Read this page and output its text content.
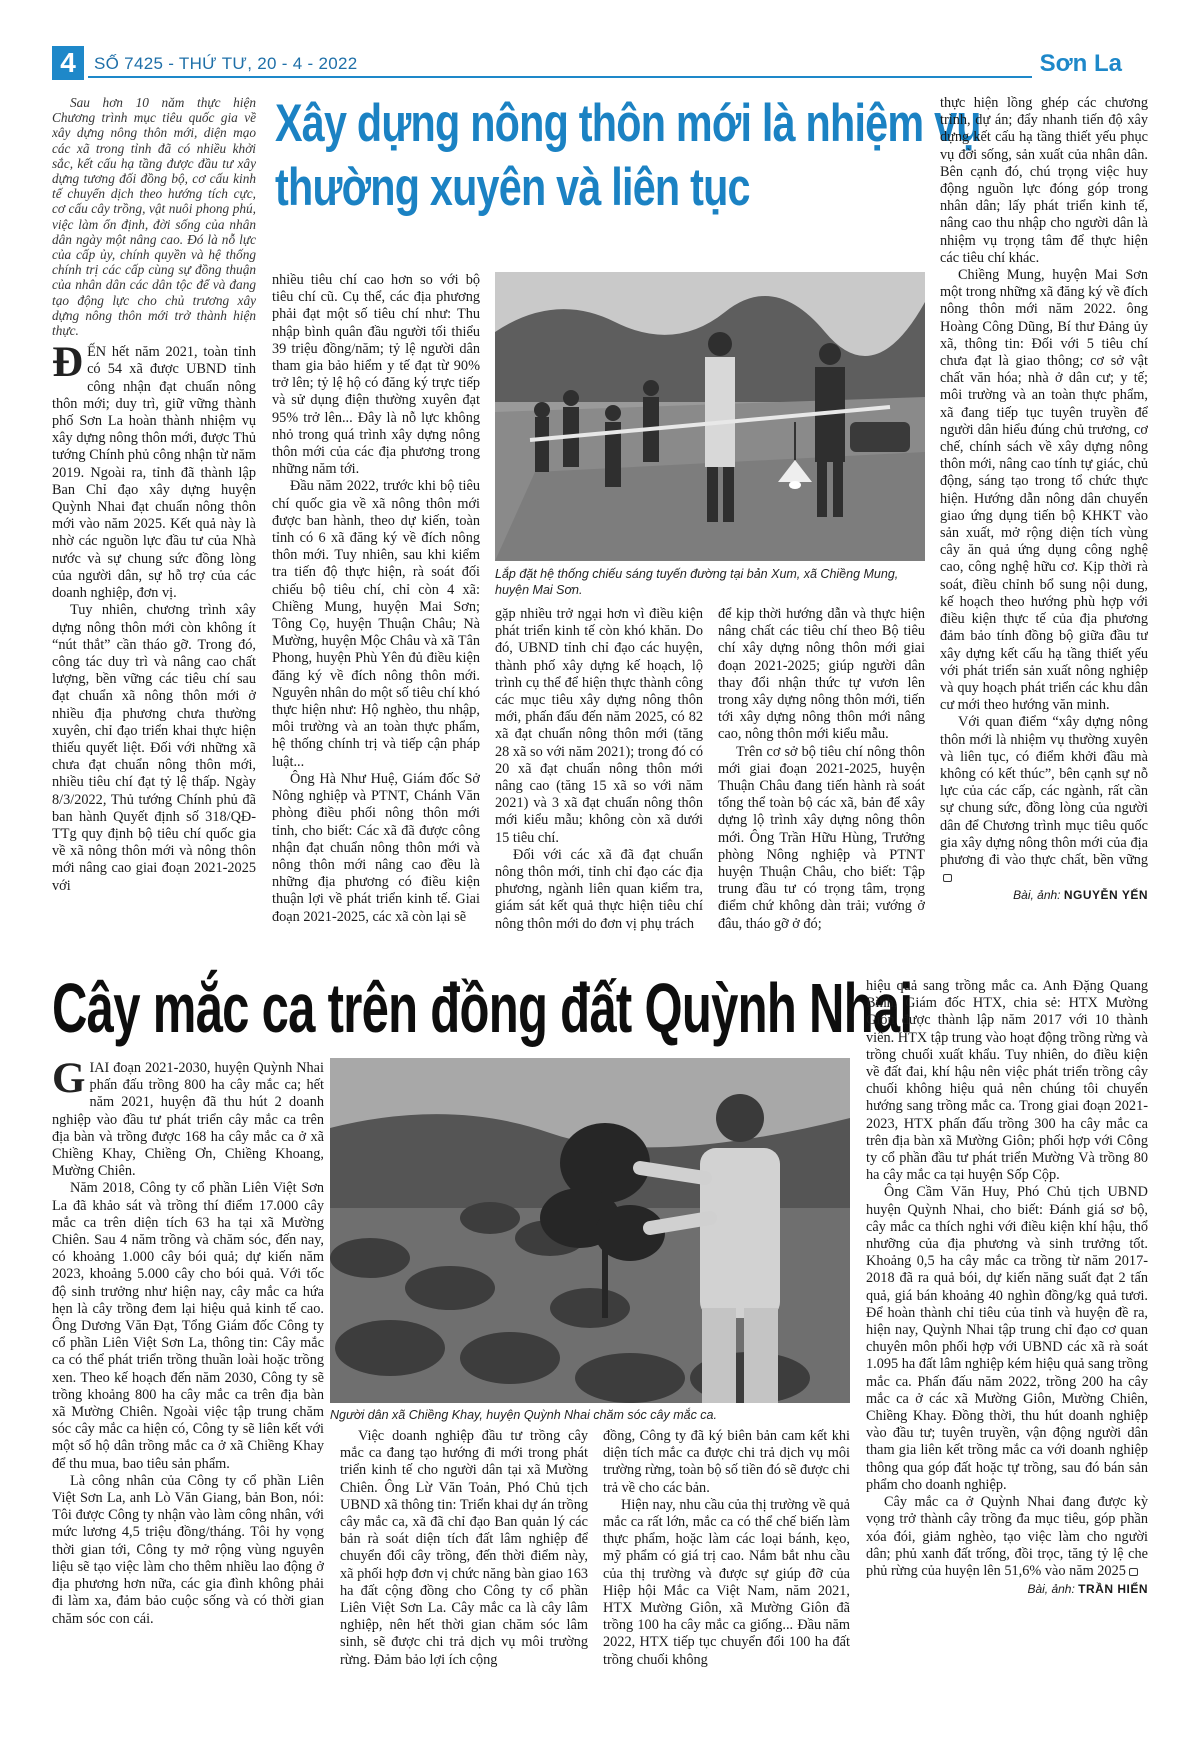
4	SỐ 7425 - THỨ TƯ, 20 - 4 - 2022	Sơn La
Xây dựng nông thôn mới là nhiệm vụ
thường xuyên và liên tục

Sau hơn 10 năm thực hiện Chương trình mục tiêu quốc gia về xây dựng nông thôn mới, diện mạo các xã trong tỉnh đã có nhiều khởi sắc, kết cấu hạ tầng được đầu tư xây dựng tương đối đồng bộ, cơ cấu kinh tế chuyển dịch theo hướng tích cực, cơ cấu cây trồng, vật nuôi phong phú, việc làm ổn định, đời sống của nhân dân ngày một nâng cao. Đó là nỗ lực của cấp ủy, chính quyền và hệ thống chính trị các cấp cùng sự đồng thuận của nhân dân các dân tộc để và đang tạo động lực cho chủ trương xây dựng nông thôn mới trở thành hiện thực.

ĐẾN hết năm 2021, toàn tỉnh có 54 xã được UBND tỉnh công nhận đạt chuẩn nông thôn mới; duy trì, giữ vững thành phố Sơn La hoàn thành nhiệm vụ xây dựng nông thôn mới, được Thủ tướng Chính phủ công nhận từ năm 2019. Ngoài ra, tỉnh đã thành lập Ban Chỉ đạo xây dựng huyện Quỳnh Nhai đạt chuẩn nông thôn mới vào năm 2025. Kết quả này là nhờ các nguồn lực đầu tư của Nhà nước và sự chung sức đồng lòng của người dân, sự hỗ trợ của các doanh nghiệp, đơn vị.

Tuy nhiên, chương trình xây dựng nông thôn mới còn không ít “nút thắt” cần tháo gỡ. Trong đó, công tác duy trì và nâng cao chất lượng, bền vững các tiêu chí sau đạt chuẩn xã nông thôn mới ở nhiều địa phương chưa thường xuyên, chỉ đạo triển khai thực hiện thiếu quyết liệt. Đối với những xã chưa đạt chuẩn nông thôn mới, nhiều tiêu chí đạt tỷ lệ thấp. Ngày 8/3/2022, Thủ tướng Chính phủ đã ban hành Quyết định số 318/QĐ-TTg quy định bộ tiêu chí quốc gia về xã nông thôn mới và nông thôn mới nâng cao giai đoạn 2021-2025 với

nhiều tiêu chí cao hơn so với bộ tiêu chí cũ. Cụ thể, các địa phương phải đạt một số tiêu chí như: Thu nhập bình quân đầu người tối thiểu 39 triệu đồng/năm; tỷ lệ người dân tham gia bảo hiểm y tế đạt từ 90% trở lên; tỷ lệ hộ có đăng ký trực tiếp và sử dụng điện thường xuyên đạt 95% trở lên... Đây là nỗ lực không nhỏ trong quá trình xây dựng nông thôn mới của các địa phương trong những năm tới.

Đầu năm 2022, trước khi bộ tiêu chí quốc gia về xã nông thôn mới được ban hành, theo dự kiến, toàn tỉnh có 6 xã đăng ký về đích nông thôn mới. Tuy nhiên, sau khi kiểm tra tiến độ thực hiện, rà soát đối chiếu bộ tiêu chí, chỉ còn 4 xã: Chiềng Mung, huyện Mai Sơn; Tông Cọ, huyện Thuận Châu; Nà Mường, huyện Mộc Châu và xã Tân Phong, huyện Phù Yên đủ điều kiện đăng ký về đích nông thôn mới. Nguyên nhân do một số tiêu chí khó thực hiện như: Hộ nghèo, thu nhập, môi trường và an toàn thực phẩm, hệ thống chính trị và tiếp cận pháp luật...

Ông Hà Như Huệ, Giám đốc Sở Nông nghiệp và PTNT, Chánh Văn phòng điều phối nông thôn mới tỉnh, cho biết: Các xã đã được công nhận đạt chuẩn nông thôn mới và nông thôn mới nâng cao đều là những địa phương có điều kiện thuận lợi về phát triển kinh tế. Giai đoạn 2021-2025, các xã còn lại sẽ

Lắp đặt hệ thống chiếu sáng tuyến đường tại bản Xum, xã Chiềng Mung, huyện Mai Sơn.

gặp nhiều trở ngại hơn vì điều kiện phát triển kinh tế còn khó khăn. Do đó, UBND tỉnh chỉ đạo các huyện, thành phố xây dựng kế hoạch, lộ trình cụ thể để hiện thực thành công các mục tiêu xây dựng nông thôn mới, phấn đấu đến năm 2025, có 82 xã đạt chuẩn nông thôn mới (tăng 28 xã so với năm 2021); trong đó có 20 xã đạt chuẩn nông thôn mới nâng cao (tăng 15 xã so với năm 2021) và 3 xã đạt chuẩn nông thôn mới kiểu mẫu; không còn xã dưới 15 tiêu chí.

Đối với các xã đã đạt chuẩn nông thôn mới, tỉnh chỉ đạo các địa phương, ngành liên quan kiểm tra, giám sát kết quả thực hiện tiêu chí nông thôn mới do đơn vị phụ trách

để kịp thời hướng dẫn và thực hiện nâng chất các tiêu chí theo Bộ tiêu chí xây dựng nông thôn mới giai đoạn 2021-2025; giúp người dân thay đổi nhận thức tự vươn lên trong xây dựng nông thôn mới, tiến tới xây dựng nông thôn mới nâng cao, nông thôn mới kiểu mẫu.

Trên cơ sở bộ tiêu chí nông thôn mới giai đoạn 2021-2025, huyện Thuận Châu đang tiến hành rà soát tổng thể toàn bộ các xã, bản để xây dựng lộ trình xây dựng nông thôn mới. Ông Trần Hữu Hùng, Trưởng phòng Nông nghiệp và PTNT huyện Thuận Châu, cho biết: Tập trung đầu tư có trọng tâm, trọng điểm chứ không dàn trải; vướng ở đâu, tháo gỡ ở đó;

thực hiện lồng ghép các chương trình, dự án; đẩy nhanh tiến độ xây dựng kết cấu hạ tầng thiết yếu phục vụ đời sống, sản xuất của nhân dân. Bên cạnh đó, chú trọng việc huy động nguồn lực đóng góp trong nhân dân; lấy phát triển kinh tế, nâng cao thu nhập cho người dân là nhiệm vụ trọng tâm để thực hiện các tiêu chí khác.

Chiềng Mung, huyện Mai Sơn một trong những xã đăng ký về đích nông thôn mới năm 2022. ông Hoàng Công Dũng, Bí thư Đảng ủy xã, thông tin: Đối với 5 tiêu chí chưa đạt là giao thông; cơ sở vật chất văn hóa; nhà ở dân cư; y tế; môi trường và an toàn thực phẩm, xã đang tiếp tục tuyên truyền để người dân hiểu đúng chủ trương, cơ chế, chính sách về xây dựng nông thôn mới, nâng cao tính tự giác, chủ động, sáng tạo trong tổ chức thực hiện. Hướng dẫn nông dân chuyển giao ứng dụng tiến bộ KHKT vào sản xuất, mở rộng diện tích vùng cây ăn quả ứng dụng công nghệ cao, công nghệ hữu cơ. Kịp thời rà soát, điều chỉnh bổ sung nội dung, kế hoạch theo hướng phù hợp với điều kiện thực tế của địa phương đảm bảo tính đồng bộ giữa đầu tư xây dựng kết cấu hạ tầng thiết yếu với phát triển sản xuất nông nghiệp và quy hoạch phát triển các khu dân cư mới theo hướng văn minh.

Với quan điểm “xây dựng nông thôn mới là nhiệm vụ thường xuyên và liên tục, có điểm khởi đầu mà không có kết thúc”, bên cạnh sự nỗ lực của các cấp, các ngành, rất cần sự chung sức, đồng lòng của người dân để Chương trình mục tiêu quốc gia xây dựng nông thôn mới của địa phương đi vào thực chất, bền vững

Bài, ảnh: NGUYỄN YẾN

Cây mắc ca trên đồng đất Quỳnh Nhai

GIAI đoạn 2021-2030, huyện Quỳnh Nhai phấn đấu trồng 800 ha cây mắc ca; hết năm 2021, huyện đã thu hút 2 doanh nghiệp vào đầu tư phát triển cây mắc ca trên địa bàn và trồng được 168 ha cây mắc ca ở xã Chiềng Khay, Chiềng Ơn, Chiềng Khoang, Mường Chiên.

Năm 2018, Công ty cổ phần Liên Việt Sơn La đã khảo sát và trồng thí điểm 17.000 cây mắc ca trên diện tích 63 ha tại xã Mường Chiên. Sau 4 năm trồng và chăm sóc, đến nay, có khoảng 1.000 cây bói quả; dự kiến năm 2023, khoảng 5.000 cây cho bói quả. Với tốc độ sinh trưởng như hiện nay, cây mắc ca hứa hẹn là cây trồng đem lại hiệu quả kinh tế cao. Ông Dương Văn Đạt, Tổng Giám đốc Công ty cổ phần Liên Việt Sơn La, thông tin: Cây mắc ca có thể phát triển trồng thuần loài hoặc trồng xen. Theo kế hoạch đến năm 2030, Công ty sẽ trồng khoảng 800 ha cây mắc ca trên địa bàn xã Mường Chiên. Ngoài việc tập trung chăm sóc cây mắc ca hiện có, Công ty sẽ liên kết với một số hộ dân trồng mắc ca ở xã Chiềng Khay để thu mua, bao tiêu sản phẩm.

Là công nhân của Công ty cổ phần Liên Việt Sơn La, anh Lò Văn Giang, bản Bon, nói: Tôi được Công ty nhận vào làm công nhân, với mức lương 4,5 triệu đồng/tháng. Tôi hy vọng thời gian tới, Công ty mở rộng vùng nguyên liệu sẽ tạo việc làm cho thêm nhiều lao động ở địa phương hơn nữa, các gia đình không phải đi làm xa, đảm bảo cuộc sống và có thời gian chăm sóc con cái.

Người dân xã Chiềng Khay, huyện Quỳnh Nhai chăm sóc cây mắc ca.

Việc doanh nghiệp đầu tư trồng cây mắc ca đang tạo hướng đi mới trong phát triển kinh tế cho người dân tại xã Mường Chiên. Ông Lừ Văn Toản, Phó Chủ tịch UBND xã thông tin: Triển khai dự án trồng cây mắc ca, xã đã chỉ đạo Ban quản lý các bản rà soát diện tích đất lâm nghiệp để chuyển đổi cây trồng, đến thời điểm này, xã phối hợp đơn vị chức năng bàn giao 163 ha đất cộng đồng cho Công ty cổ phần Liên Việt Sơn La. Cây mắc ca là cây lâm nghiệp, nên hết thời gian chăm sóc lâm sinh, sẽ được chi trả dịch vụ môi trường rừng. Đảm bảo lợi ích cộng

đồng, Công ty đã ký biên bản cam kết khi diện tích mắc ca được chi trả dịch vụ môi trường rừng, toàn bộ số tiền đó sẽ được chi trả về cho các bản.

Hiện nay, nhu cầu của thị trường về quả mắc ca rất lớn, mắc ca có thể chế biến làm thực phẩm, hoặc làm các loại bánh, kẹo, mỹ phẩm có giá trị cao. Nắm bắt nhu cầu của thị trường và được sự giúp đỡ của Hiệp hội Mắc ca Việt Nam, năm 2021, HTX Mường Giôn, xã Mường Giôn đã trồng 100 ha cây mắc ca giống... Đầu năm 2022, HTX tiếp tục chuyển đổi 100 ha đất trồng chuối không

hiệu quả sang trồng mắc ca. Anh Đặng Quang Bình, Giám đốc HTX, chia sẻ: HTX Mường Giôn được thành lập năm 2017 với 10 thành viên. HTX tập trung vào hoạt động trồng rừng và trồng chuối xuất khẩu. Tuy nhiên, do điều kiện về đất đai, khí hậu nên việc phát triển trồng cây chuối không hiệu quả nên chúng tôi chuyển hướng sang trồng mắc ca. Trong giai đoạn 2021-2023, HTX phấn đấu trồng 300 ha cây mắc ca trên địa bàn xã Mường Giôn; phối hợp với Công ty cổ phần đầu tư phát triển Mường Và trồng 80 ha cây mắc ca tại huyện Sốp Cộp.

Ông Cầm Văn Huy, Phó Chủ tịch UBND huyện Quỳnh Nhai, cho biết: Đánh giá sơ bộ, cây mắc ca thích nghi với điều kiện khí hậu, thổ nhưỡng của địa phương và sinh trưởng tốt. Khoảng 0,5 ha cây mắc ca trồng từ năm 2017-2018 đã ra quả bói, dự kiến năng suất đạt 2 tấn quả, giá bán khoảng 40 nghìn đồng/kg quả tươi. Để hoàn thành chỉ tiêu của tỉnh và huyện đề ra, hiện nay, Quỳnh Nhai tập trung chỉ đạo cơ quan chuyên môn phối hợp với UBND các xã rà soát 1.095 ha đất lâm nghiệp kém hiệu quả sang trồng mắc ca. Phấn đấu năm 2022, trồng 200 ha cây mắc ca ở các xã Mường Giôn, Mường Chiên, Chiềng Khay. Đồng thời, thu hút doanh nghiệp vào đầu tư; tuyên truyền, vận động người dân tham gia liên kết trồng mắc ca với doanh nghiệp thông qua góp đất hoặc tự trồng, sau đó bán sản phẩm cho doanh nghiệp.

Cây mắc ca ở Quỳnh Nhai đang được kỳ vọng trở thành cây trồng đa mục tiêu, góp phần xóa đói, giảm nghèo, tạo việc làm cho người dân; phủ xanh đất trống, đồi trọc, tăng tỷ lệ che phủ rừng của huyện lên 51,6% vào năm 2025

Bài, ảnh: TRẦN HIỂN
